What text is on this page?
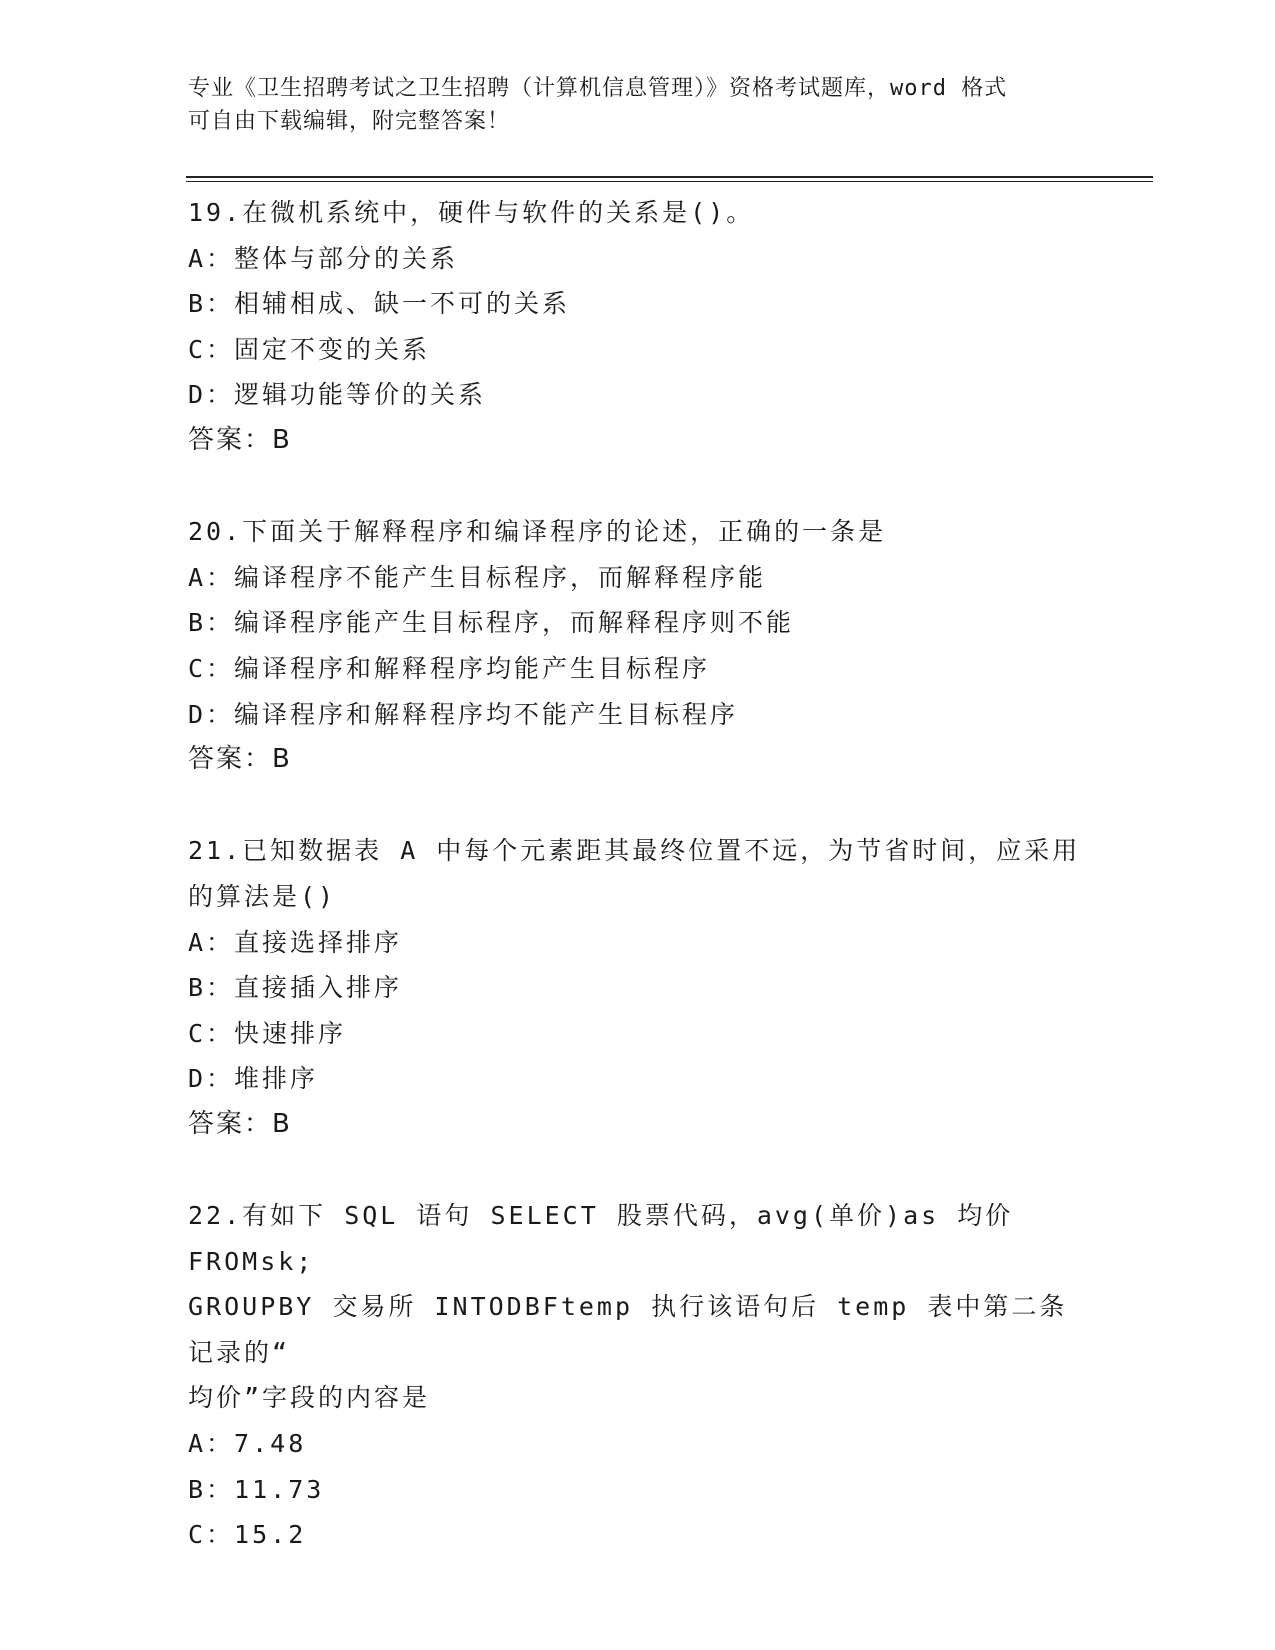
专业《卫生招聘考试之卫生招聘（计算机信息管理）》资格考试题库，word 格式
可自由下载编辑，附完整答案！
19.在微机系统中，硬件与软件的关系是()。
A：整体与部分的关系
B：相辅相成、缺一不可的关系
C：固定不变的关系
D：逻辑功能等价的关系
答案：B
20.下面关于解释程序和编译程序的论述，正确的一条是
A：编译程序不能产生目标程序，而解释程序能
B：编译程序能产生目标程序，而解释程序则不能
C：编译程序和解释程序均能产生目标程序
D：编译程序和解释程序均不能产生目标程序
答案：B
21.已知数据表 A 中每个元素距其最终位置不远，为节省时间，应采用
的算法是()
A：直接选择排序
B：直接插入排序
C：快速排序
D：堆排序
答案：B
22.有如下 SQL 语句 SELECT 股票代码，avg(单价)as 均价 FROMsk;
GROUPBY 交易所 INTODBFtemp 执行该语句后 temp 表中第二条记录的“
均价”字段的内容是
A：7.48
B：11.73
C：15.2
